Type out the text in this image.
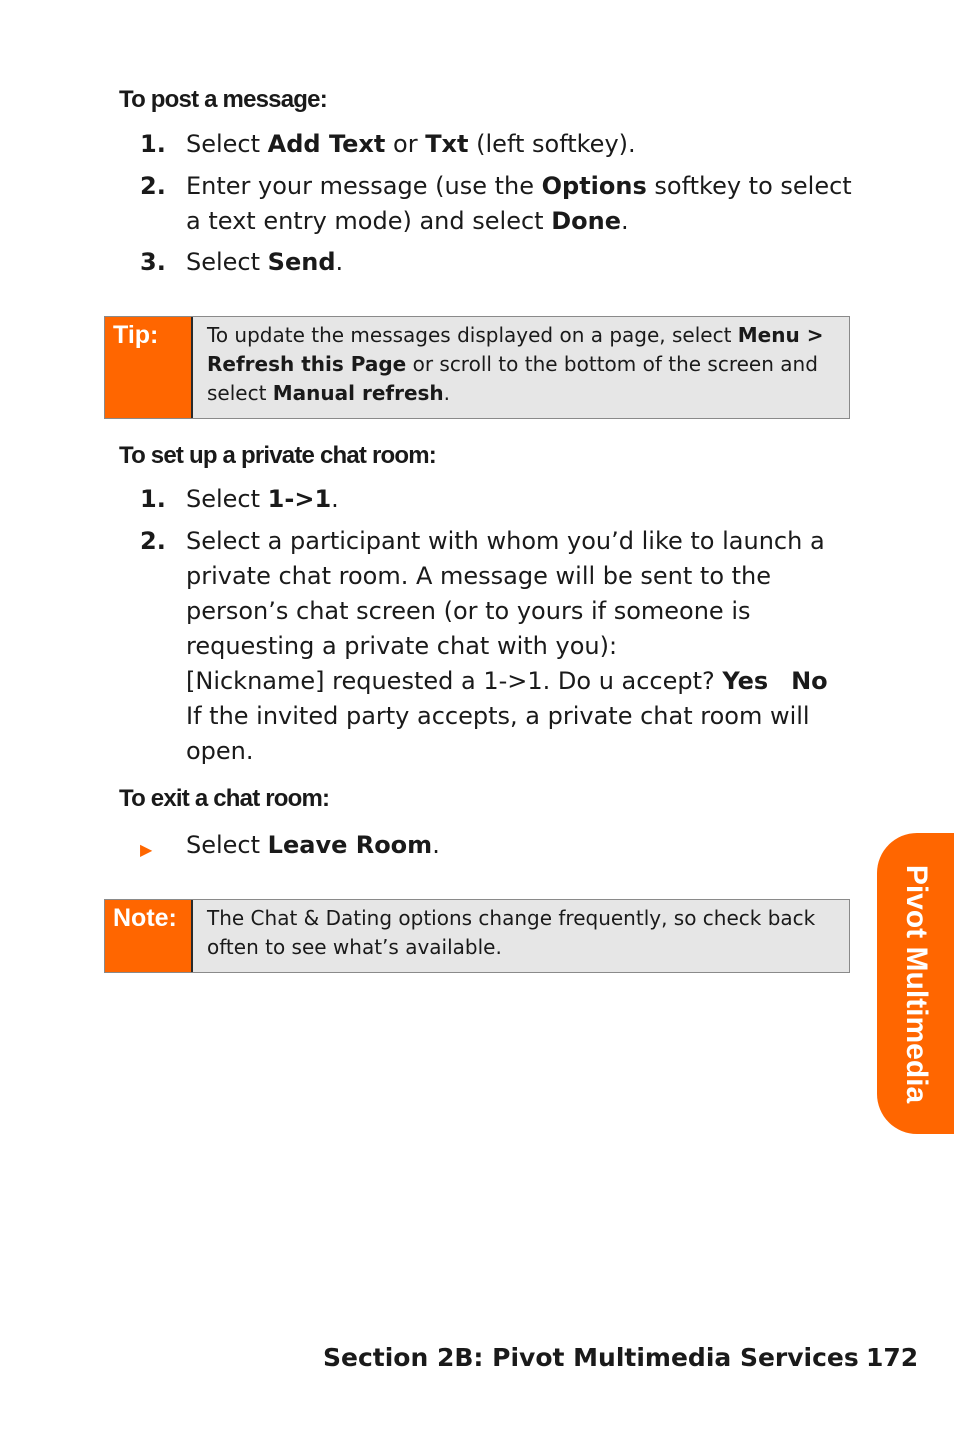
To post a message:
1. Select Add Text or Txt (left softkey).
2. Enter your message (use the Options softkey to select a text entry mode) and select Done.
3. Select Send.
Tip:	To update the messages displayed on a page, select Menu > Refresh this Page or scroll to the bottom of the screen and select Manual refresh.
To set up a private chat room:
1. Select 1->1.
2. Select a participant with whom you’d like to launch a private chat room. A message will be sent to the person’s chat screen (or to yours if someone is requesting a private chat with you):
[Nickname] requested a 1->1. Do u accept? Yes No
If the invited party accepts, a private chat room will open.
To exit a chat room:
▶ Select Leave Room.
Note:	The Chat & Dating options change frequently, so check back often to see what’s available.	Pivot Multimedia
Section 2B: Pivot Multimedia Services 172
